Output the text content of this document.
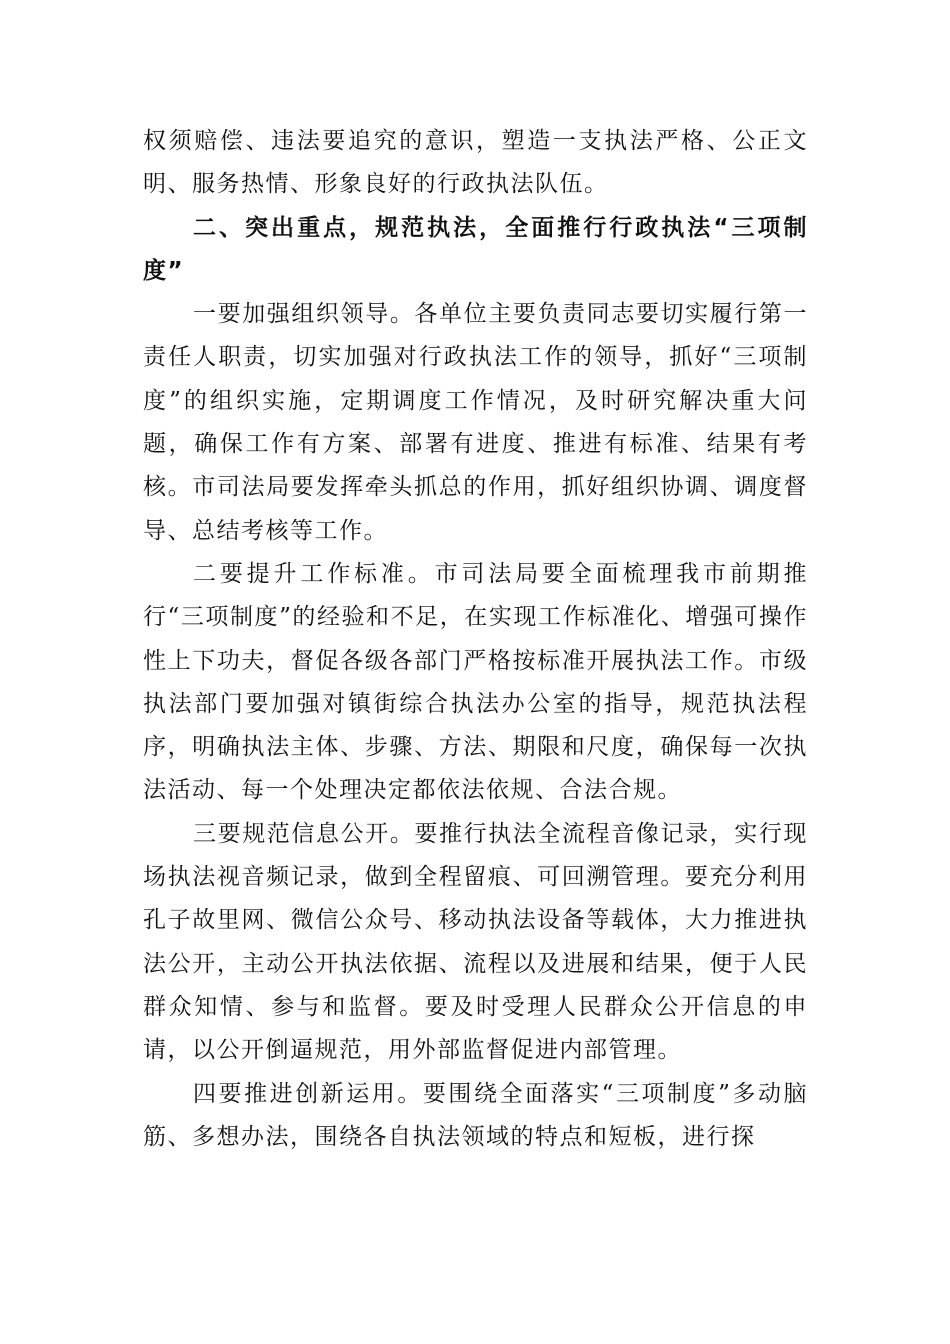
权须赔偿、违法要追究的意识，塑造一支执法严格、公正文明、服务热情、形象良好的行政执法队伍。

二、突出重点，规范执法，全面推行行政执法“三项制度”

一要加强组织领导。各单位主要负责同志要切实履行第一责任人职责，切实加强对行政执法工作的领导，抓好“三项制度”的组织实施，定期调度工作情况，及时研究解决重大问题，确保工作有方案、部署有进度、推进有标准、结果有考核。市司法局要发挥牵头抓总的作用，抓好组织协调、调度督导、总结考核等工作。

二要提升工作标准。市司法局要全面梳理我市前期推行“三项制度”的经验和不足，在实现工作标准化、增强可操作性上下功夫，督促各级各部门严格按标准开展执法工作。市级执法部门要加强对镇街综合执法办公室的指导，规范执法程序，明确执法主体、步骤、方法、期限和尺度，确保每一次执法活动、每一个处理决定都依法依规、合法合规。

三要规范信息公开。要推行执法全流程音像记录，实行现场执法视音频记录，做到全程留痕、可回溯管理。要充分利用孔子故里网、微信公众号、移动执法设备等载体，大力推进执法公开，主动公开执法依据、流程以及进展和结果，便于人民群众知情、参与和监督。要及时受理人民群众公开信息的申请，以公开倒逼规范，用外部监督促进内部管理。

四要推进创新运用。要围绕全面落实“三项制度”多动脑筋、多想办法，围绕各自执法领域的特点和短板，进行探
